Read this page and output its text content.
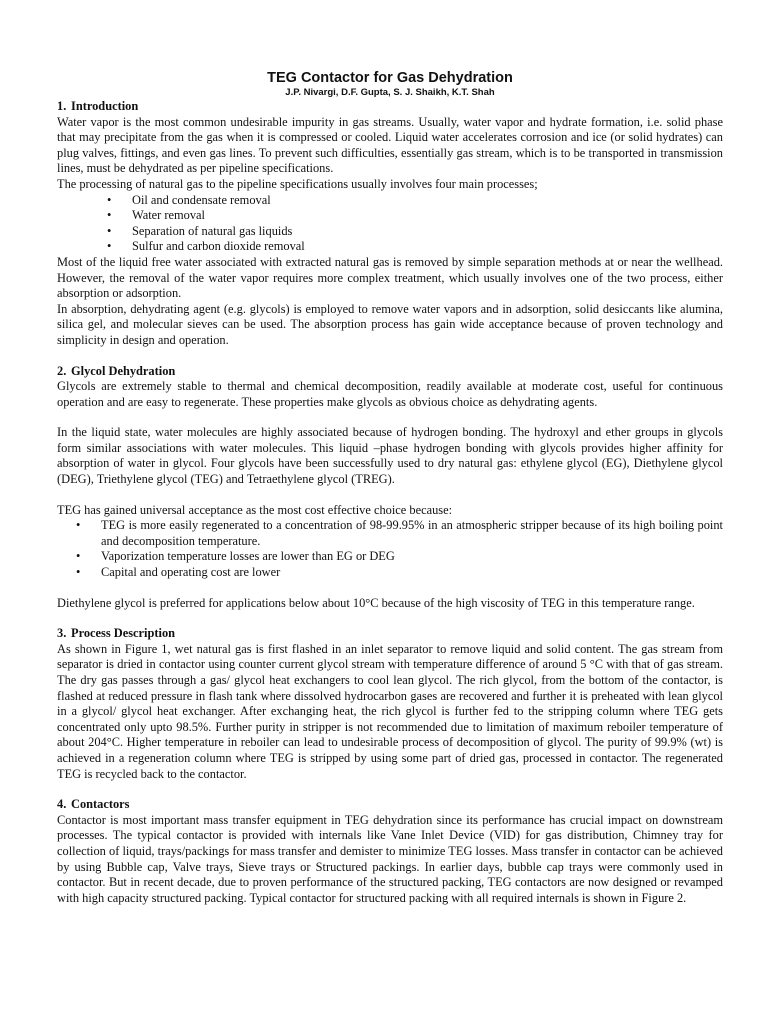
TEG Contactor for Gas Dehydration
J.P. Nivargi, D.F. Gupta, S. J. Shaikh, K.T. Shah
1. Introduction

Water vapor is the most common undesirable impurity in gas streams. Usually, water vapor and hydrate formation, i.e. solid phase that may precipitate from the gas when it is compressed or cooled. Liquid water accelerates corrosion and ice (or solid hydrates) can plug valves, fittings, and even gas lines. To prevent such difficulties, essentially gas stream, which is to be transported in transmission lines, must be dehydrated as per pipeline specifications.

The processing of natural gas to the pipeline specifications usually involves four main processes;

• Oil and condensate removal
• Water removal
• Separation of natural gas liquids
• Sulfur and carbon dioxide removal

Most of the liquid free water associated with extracted natural gas is removed by simple separation methods at or near the wellhead. However, the removal of the water vapor requires more complex treatment, which usually involves one of the two process, either absorption or adsorption.

In absorption, dehydrating agent (e.g. glycols) is employed to remove water vapors and in adsorption, solid desiccants like alumina, silica gel, and molecular sieves can be used. The absorption process has gain wide acceptance because of proven technology and simplicity in design and operation.

2. Glycol Dehydration

Glycols are extremely stable to thermal and chemical decomposition, readily available at moderate cost, useful for continuous operation and are easy to regenerate. These properties make glycols as obvious choice as dehydrating agents.

In the liquid state, water molecules are highly associated because of hydrogen bonding. The hydroxyl and ether groups in glycols form similar associations with water molecules. This liquid –phase hydrogen bonding with glycols provides higher affinity for absorption of water in glycol. Four glycols have been successfully used to dry natural gas: ethylene glycol (EG), Diethylene glycol (DEG), Triethylene glycol (TEG) and Tetraethylene glycol (TREG).

TEG has gained universal acceptance as the most cost effective choice because:

• TEG is more easily regenerated to a concentration of 98-99.95% in an atmospheric stripper because of its high boiling point and decomposition temperature.
• Vaporization temperature losses are lower than EG or DEG
• Capital and operating cost are lower

Diethylene glycol is preferred for applications below about 10°C because of the high viscosity of TEG in this temperature range.

3. Process Description

As shown in Figure 1, wet natural gas is first flashed in an inlet separator to remove liquid and solid content. The gas stream from separator is dried in contactor using counter current glycol stream with temperature difference of around 5 °C with that of gas stream. The dry gas passes through a gas/ glycol heat exchangers to cool lean glycol. The rich glycol, from the bottom of the contactor, is flashed at reduced pressure in flash tank where dissolved hydrocarbon gases are recovered and further it is preheated with lean glycol in a glycol/ glycol heat exchanger. After exchanging heat, the rich glycol is further fed to the stripping column where TEG gets concentrated only upto 98.5%. Further purity in stripper is not recommended due to limitation of maximum reboiler temperature of about 204°C. Higher temperature in reboiler can lead to undesirable process of decomposition of glycol. The purity of 99.9% (wt) is achieved in a regeneration column where TEG is stripped by using some part of dried gas, processed in contactor. The regenerated TEG is recycled back to the contactor.

4. Contactors

Contactor is most important mass transfer equipment in TEG dehydration since its performance has crucial impact on downstream processes. The typical contactor is provided with internals like Vane Inlet Device (VID) for gas distribution, Chimney tray for collection of liquid, trays/packings for mass transfer and demister to minimize TEG losses. Mass transfer in contactor can be achieved by using Bubble cap, Valve trays, Sieve trays or Structured packings. In earlier days, bubble cap trays were commonly used in contactor. But in recent decade, due to proven performance of the structured packing, TEG contactors are now designed or revamped with high capacity structured packing. Typical contactor for structured packing with all required internals is shown in Figure 2.
